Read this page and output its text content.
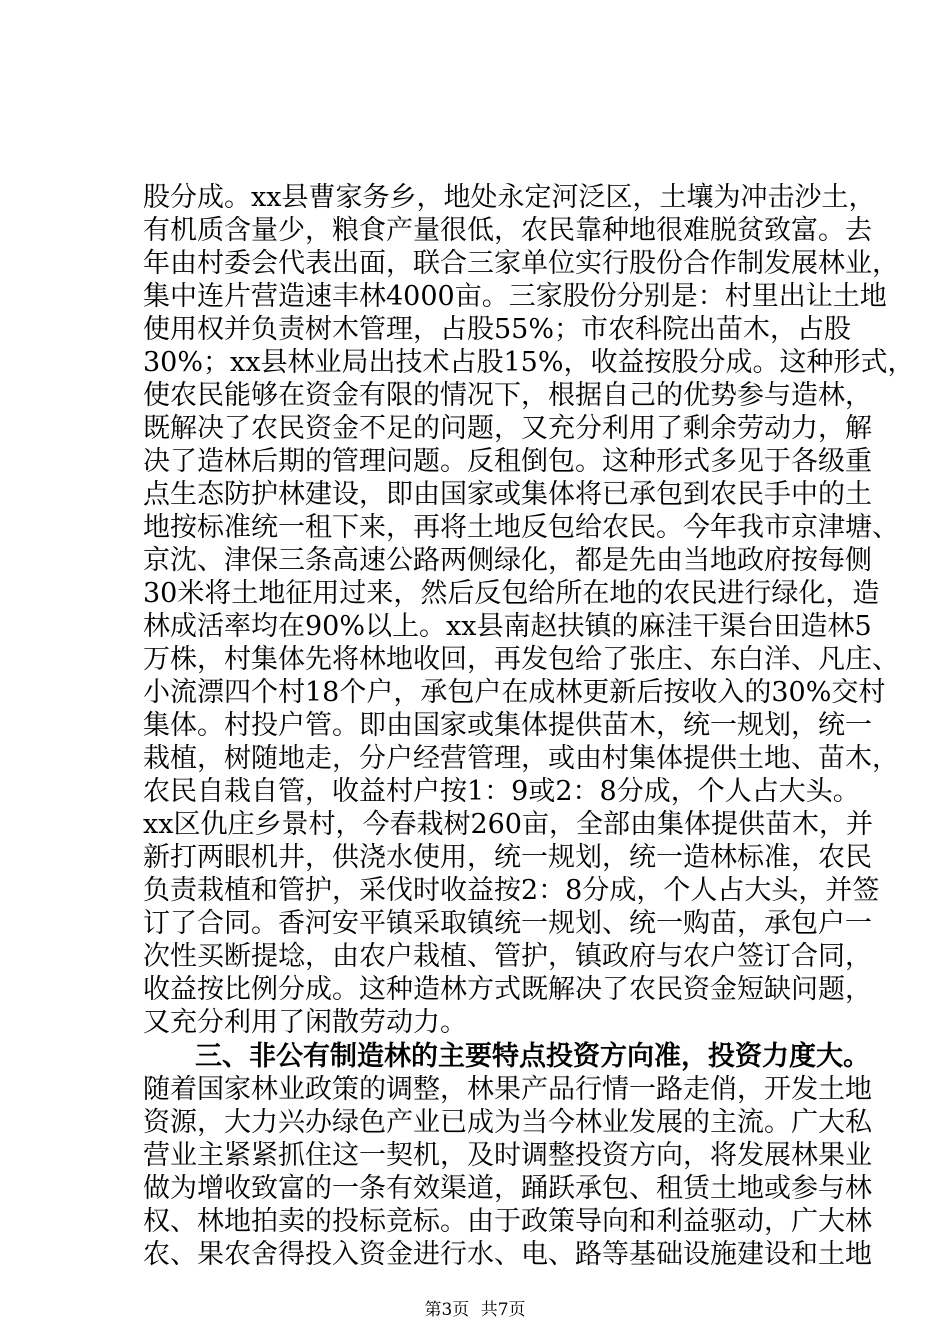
股分成。xx县曹家务乡，地处永定河泛区，土壤为冲击沙土，
有机质含量少，粮食产量很低，农民靠种地很难脱贫致富。去
年由村委会代表出面，联合三家单位实行股份合作制发展林业，
集中连片营造速丰林4000亩。三家股份分别是：村里出让土地
使用权并负责树木管理，占股55%；市农科院出苗木，占股
30%；xx县林业局出技术占股15%，收益按股分成。这种形式，
使农民能够在资金有限的情况下，根据自己的优势参与造林，
既解决了农民资金不足的问题，又充分利用了剩余劳动力，解
决了造林后期的管理问题。反租倒包。这种形式多见于各级重
点生态防护林建设，即由国家或集体将已承包到农民手中的土
地按标准统一租下来，再将土地反包给农民。今年我市京津塘、
京沈、津保三条高速公路两侧绿化，都是先由当地政府按每侧
30米将土地征用过来，然后反包给所在地的农民进行绿化，造
林成活率均在90%以上。xx县南赵扶镇的麻洼干渠台田造林5
万株，村集体先将林地收回，再发包给了张庄、东白洋、凡庄、
小流漂四个村18个户，承包户在成林更新后按收入的30%交村
集体。村投户管。即由国家或集体提供苗木，统一规划，统一
栽植，树随地走，分户经营管理，或由村集体提供土地、苗木，
农民自栽自管，收益村户按1：9或2：8分成，个人占大头。
xx区仇庄乡景村，今春栽树260亩，全部由集体提供苗木，并
新打两眼机井，供浇水使用，统一规划，统一造林标准，农民
负责栽植和管护，采伐时收益按2：8分成，个人占大头，并签
订了合同。香河安平镇采取镇统一规划、统一购苗，承包户一
次性买断提埝，由农户栽植、管护，镇政府与农户签订合同，
收益按比例分成。这种造林方式既解决了农民资金短缺问题，
又充分利用了闲散劳动力。
三、非公有制造林的主要特点投资方向准，投资力度大。
随着国家林业政策的调整，林果产品行情一路走俏，开发土地
资源，大力兴办绿色产业已成为当今林业发展的主流。广大私
营业主紧紧抓住这一契机，及时调整投资方向，将发展林果业
做为增收致富的一条有效渠道，踊跃承包、租赁土地或参与林
权、林地拍卖的投标竞标。由于政策导向和利益驱动，广大林
农、果农舍得投入资金进行水、电、路等基础设施建设和土地
第3页 共7页
